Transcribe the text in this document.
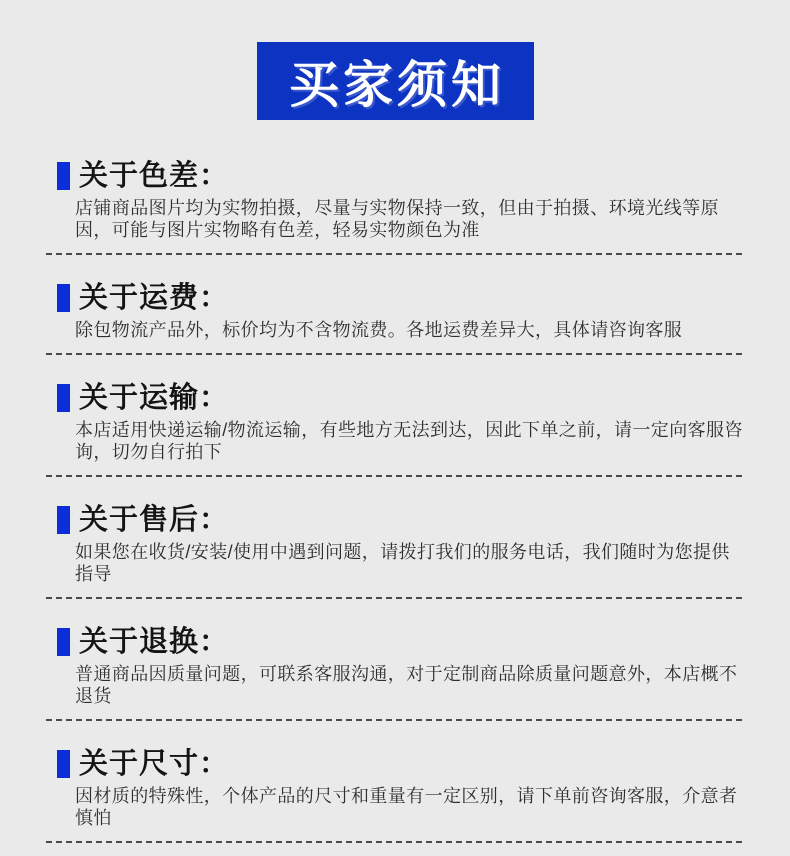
买家须知
关于色差：

店铺商品图片均为实物拍摄，尽量与实物保持一致，但由于拍摄、环境光线等原因，可能与图片实物略有色差，轻易实物颜色为准

关于运费：

除包物流产品外，标价均为不含物流费。各地运费差异大，具体请咨询客服

关于运输：

本店适用快递运输/物流运输，有些地方无法到达，因此下单之前，请一定向客服咨询，切勿自行拍下

关于售后：

如果您在收货/安装/使用中遇到问题，请拨打我们的服务电话，我们随时为您提供指导

关于退换：

普通商品因质量问题，可联系客服沟通，对于定制商品除质量问题意外，本店概不退货

关于尺寸：

因材质的特殊性，个体产品的尺寸和重量有一定区别，请下单前咨询客服，介意者慎怕
